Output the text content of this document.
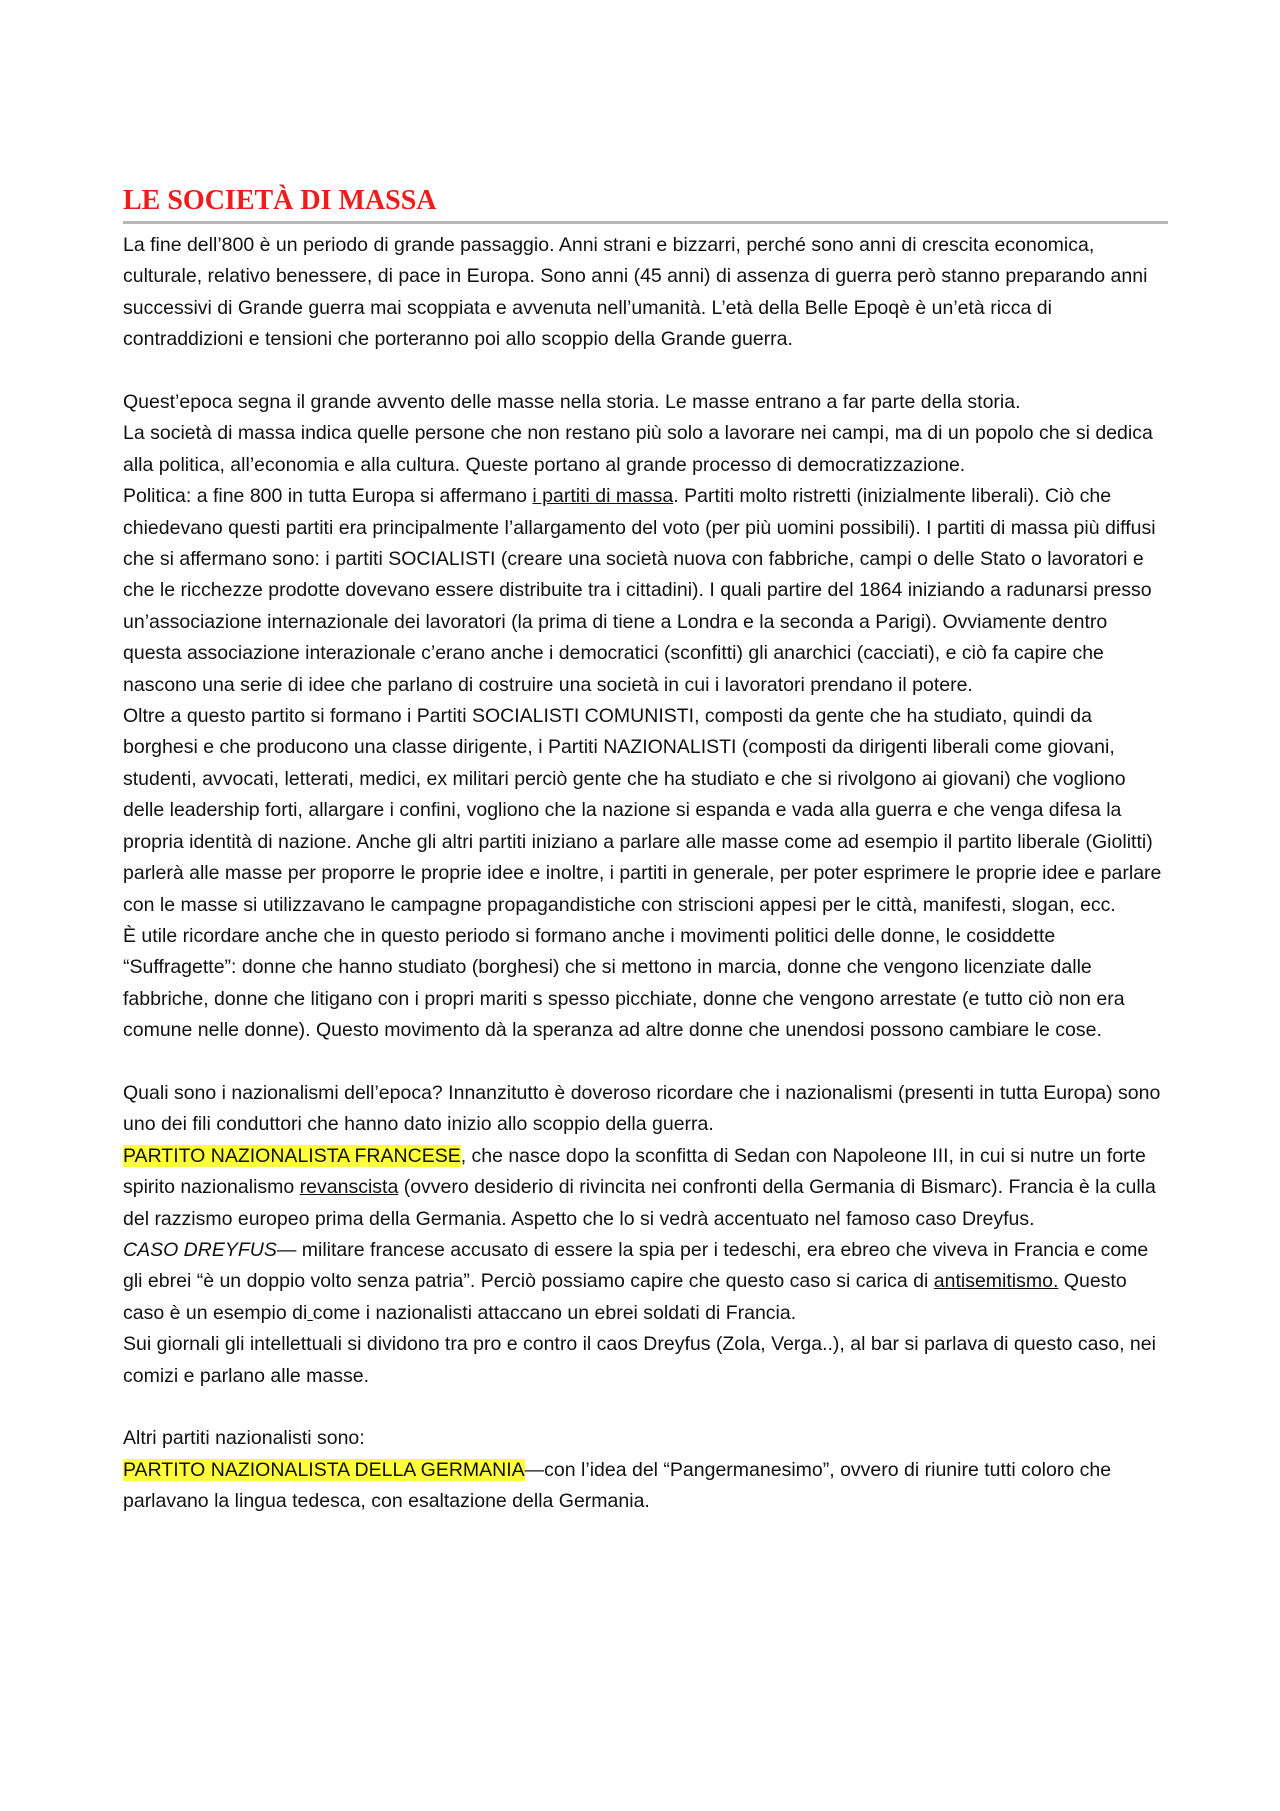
LE SOCIETÀ DI MASSA

La fine dell’800 è un periodo di grande passaggio. Anni strani e bizzarri, perché sono anni di crescita economica, culturale, relativo benessere, di pace in Europa. Sono anni (45 anni) di assenza di guerra però stanno preparando anni successivi di Grande guerra mai scoppiata e avvenuta nell’umanità. L’età della Belle Epoqè è un’età ricca di contraddizioni e tensioni che porteranno poi allo scoppio della Grande guerra.

Quest’epoca segna il grande avvento delle masse nella storia. Le masse entrano a far parte della storia.

La società di massa indica quelle persone che non restano più solo a lavorare nei campi, ma di un popolo che si dedica alla politica, all’economia e alla cultura. Queste portano al grande processo di democratizzazione.

Politica: a fine 800 in tutta Europa si affermano i partiti di massa. Partiti molto ristretti (inizialmente liberali). Ciò che chiedevano questi partiti era principalmente l’allargamento del voto (per più uomini possibili). I partiti di massa più diffusi che si affermano sono: i partiti SOCIALISTI (creare una società nuova con fabbriche, campi o delle Stato o lavoratori e che le ricchezze prodotte dovevano essere distribuite tra i cittadini). I quali partire del 1864 iniziando a radunarsi presso un’associazione internazionale dei lavoratori (la prima di tiene a Londra e la seconda a Parigi). Ovviamente dentro questa associazione interazionale c’erano anche i democratici (sconfitti) gli anarchici (cacciati), e ciò fa capire che nascono una serie di idee che parlano di costruire una società in cui i lavoratori prendano il potere.

Oltre a questo partito si formano i Partiti SOCIALISTI COMUNISTI, composti da gente che ha studiato, quindi da borghesi e che producono una classe dirigente, i Partiti NAZIONALISTI (composti da dirigenti liberali come giovani, studenti, avvocati, letterati, medici, ex militari perciò gente che ha studiato e che si rivolgono ai giovani) che vogliono delle leadership forti, allargare i confini, vogliono che la nazione si espanda e vada alla guerra e che venga difesa la propria identità di nazione. Anche gli altri partiti iniziano a parlare alle masse come ad esempio il partito liberale (Giolitti) parlerà alle masse per proporre le proprie idee e inoltre, i partiti in generale, per poter esprimere le proprie idee e parlare con le masse si utilizzavano le campagne propagandistiche con striscioni appesi per le città, manifesti, slogan, ecc.

È utile ricordare anche che in questo periodo si formano anche i movimenti politici delle donne, le cosiddette “Suffragette”: donne che hanno studiato (borghesi) che si mettono in marcia, donne che vengono licenziate dalle fabbriche, donne che litigano con i propri mariti s spesso picchiate, donne che vengono arrestate (e tutto ciò non era comune nelle donne). Questo movimento dà la speranza ad altre donne che unendosi possono cambiare le cose.

Quali sono i nazionalismi dell’epoca? Innanzitutto è doveroso ricordare che i nazionalismi (presenti in tutta Europa) sono uno dei fili conduttori che hanno dato inizio allo scoppio della guerra.

PARTITO NAZIONALISTA FRANCESE, che nasce dopo la sconfitta di Sedan con Napoleone III, in cui si nutre un forte spirito nazionalismo revanscista (ovvero desiderio di rivincita nei confronti della Germania di Bismarc). Francia è la culla del razzismo europeo prima della Germania. Aspetto che lo si vedrà accentuato nel famoso caso Dreyfus.

CASO DREYFUS— militare francese accusato di essere la spia per i tedeschi, era ebreo che viveva in Francia e come gli ebrei “è un doppio volto senza patria”. Perciò possiamo capire che questo caso si carica di antisemitismo. Questo caso è un esempio di come i nazionalisti attaccano un ebrei soldati di Francia.

Sui giornali gli intellettuali si dividono tra pro e contro il caos Dreyfus (Zola, Verga..), al bar si parlava di questo caso, nei comizi e parlano alle masse.

Altri partiti nazionalisti sono:

PARTITO NAZIONALISTA DELLA GERMANIA—con l’idea del “Pangermanesimo”, ovvero di riunire tutti coloro che parlavano la lingua tedesca, con esaltazione della Germania.
